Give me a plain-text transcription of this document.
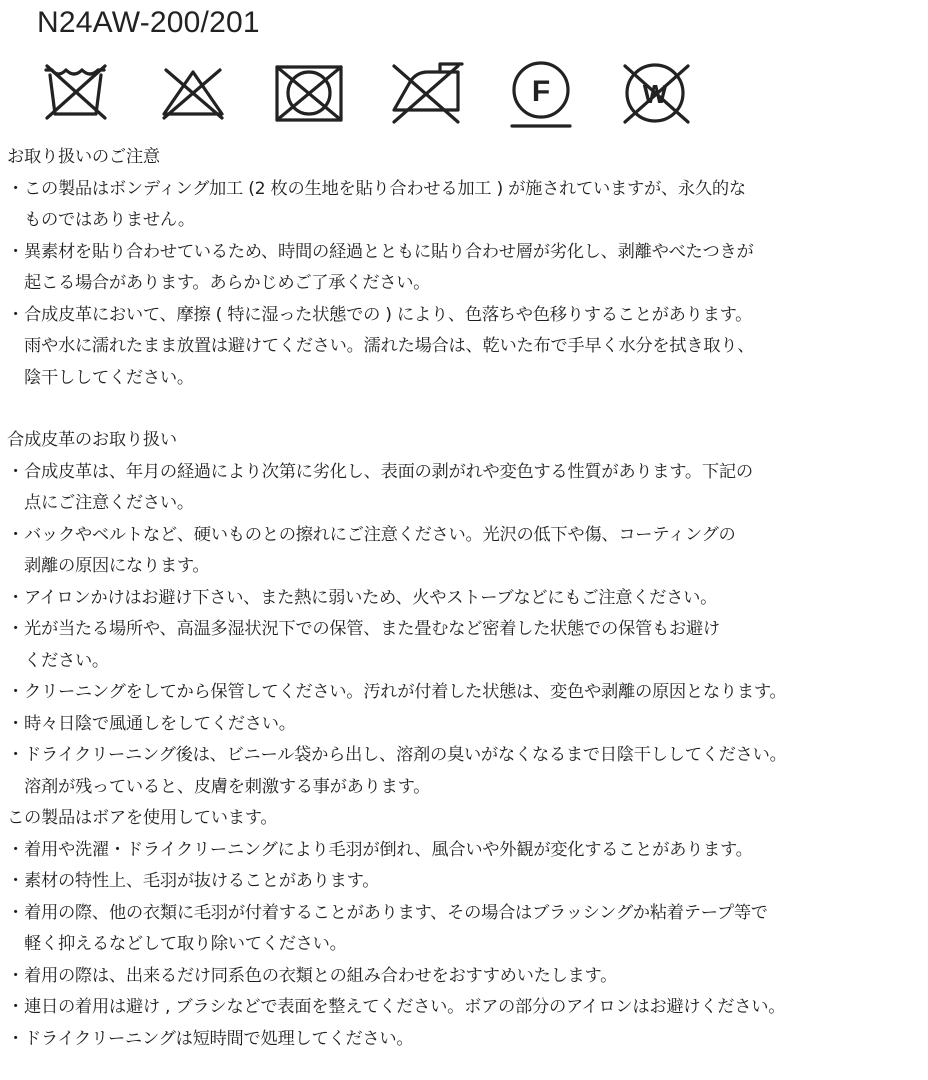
N24AW-200/201
F	W
お取り扱いのご注意
・この製品はボンディング加工 (2 枚の生地を貼り合わせる加工 ) が施されていますが、永久的な
ものではありません。
・異素材を貼り合わせているため、時間の経過とともに貼り合わせ層が劣化し、剥離やべたつきが
起こる場合があります。あらかじめご了承ください。
・合成皮革において、摩擦 ( 特に湿った状態での ) により、色落ちや色移りすることがあります。
雨や水に濡れたまま放置は避けてください。濡れた場合は、乾いた布で手早く水分を拭き取り、
陰干ししてください。
合成皮革のお取り扱い
・合成皮革は、年月の経過により次第に劣化し、表面の剥がれや変色する性質があります。下記の
点にご注意ください。
・バックやベルトなど、硬いものとの擦れにご注意ください。光沢の低下や傷、コーティングの
剥離の原因になります。
・アイロンかけはお避け下さい、また熱に弱いため、火やストーブなどにもご注意ください。
・光が当たる場所や、高温多湿状況下での保管、また畳むなど密着した状態での保管もお避け
ください。
・クリーニングをしてから保管してください。汚れが付着した状態は、変色や剥離の原因となります。
・時々日陰で風通しをしてください。
・ドライクリーニング後は、ビニール袋から出し、溶剤の臭いがなくなるまで日陰干ししてください。
溶剤が残っていると、皮膚を刺激する事があります。
この製品はボアを使用しています。
・着用や洗濯・ドライクリーニングにより毛羽が倒れ、風合いや外観が変化することがあります。
・素材の特性上、毛羽が抜けることがあります。
・着用の際、他の衣類に毛羽が付着することがあります、その場合はブラッシングか粘着テープ等で
軽く抑えるなどして取り除いてください。
・着用の際は、出来るだけ同系色の衣類との組み合わせをおすすめいたします。
・連日の着用は避け , ブラシなどで表面を整えてください。ボアの部分のアイロンはお避けください。
・ドライクリーニングは短時間で処理してください。
